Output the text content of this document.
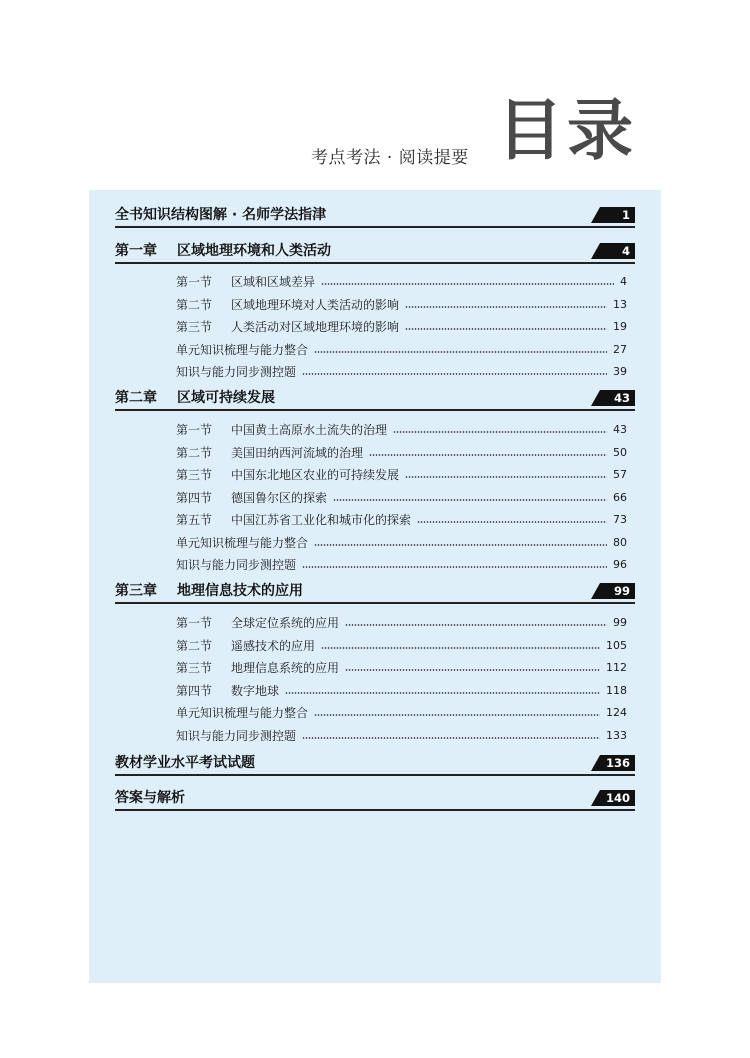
考点考法 · 阅读提要 目录
全书知识结构图解 · 名师学法指津	1
第一章 区域地理环境和人类活动	4
第一节	区域和区域差异	4
第二节	区域地理环境对人类活动的影响	13
第三节	人类活动对区域地理环境的影响	19
单元知识梳理与能力整合	27
知识与能力同步测控题	39
第二章 区域可持续发展	43
第一节	中国黄土高原水土流失的治理	43
第二节	美国田纳西河流域的治理	50
第三节	中国东北地区农业的可持续发展	57
第四节	德国鲁尔区的探索	66
第五节	中国江苏省工业化和城市化的探索	73
单元知识梳理与能力整合	80
知识与能力同步测控题	96
第三章 地理信息技术的应用	99
第一节	全球定位系统的应用	99
第二节	遥感技术的应用	105
第三节	地理信息系统的应用	112
第四节	数字地球	118
单元知识梳理与能力整合	124
知识与能力同步测控题	133
教材学业水平考试试题	136
答案与解析	140
